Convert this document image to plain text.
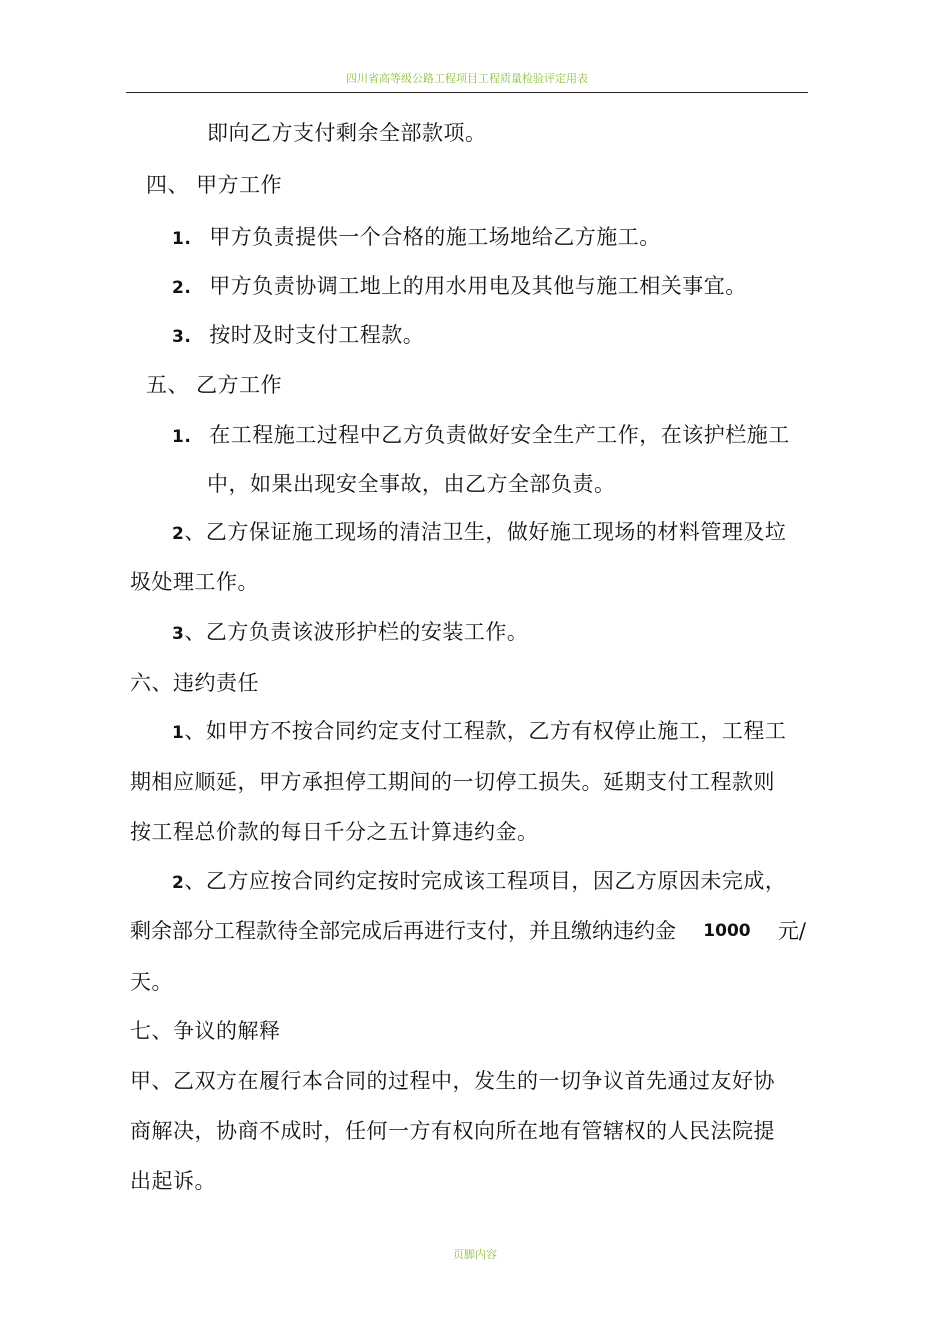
四川省高等级公路工程项目工程质量检验评定用表
即向乙方支付剩余全部款项。
四、 甲方工作
1. 甲方负责提供一个合格的施工场地给乙方施工。
2. 甲方负责协调工地上的用水用电及其他与施工相关事宜。
3. 按时及时支付工程款。
五、 乙方工作
1. 在工程施工过程中乙方负责做好安全生产工作，在该护栏施工
中，如果出现安全事故，由乙方全部负责。
2、乙方保证施工现场的清洁卫生，做好施工现场的材料管理及垃
圾处理工作。
3、乙方负责该波形护栏的安装工作。
六、违约责任
1、如甲方不按合同约定支付工程款，乙方有权停止施工，工程工
期相应顺延，甲方承担停工期间的一切停工损失。延期支付工程款则
按工程总价款的每日千分之五计算违约金。
2、乙方应按合同约定按时完成该工程项目，因乙方原因未完成，
剩余部分工程款待全部完成后再进行支付，并且缴纳违约金 1000 元/
天。
七、争议的解释
甲、乙双方在履行本合同的过程中，发生的一切争议首先通过友好协
商解决，协商不成时，任何一方有权向所在地有管辖权的人民法院提
出起诉。
页脚内容
